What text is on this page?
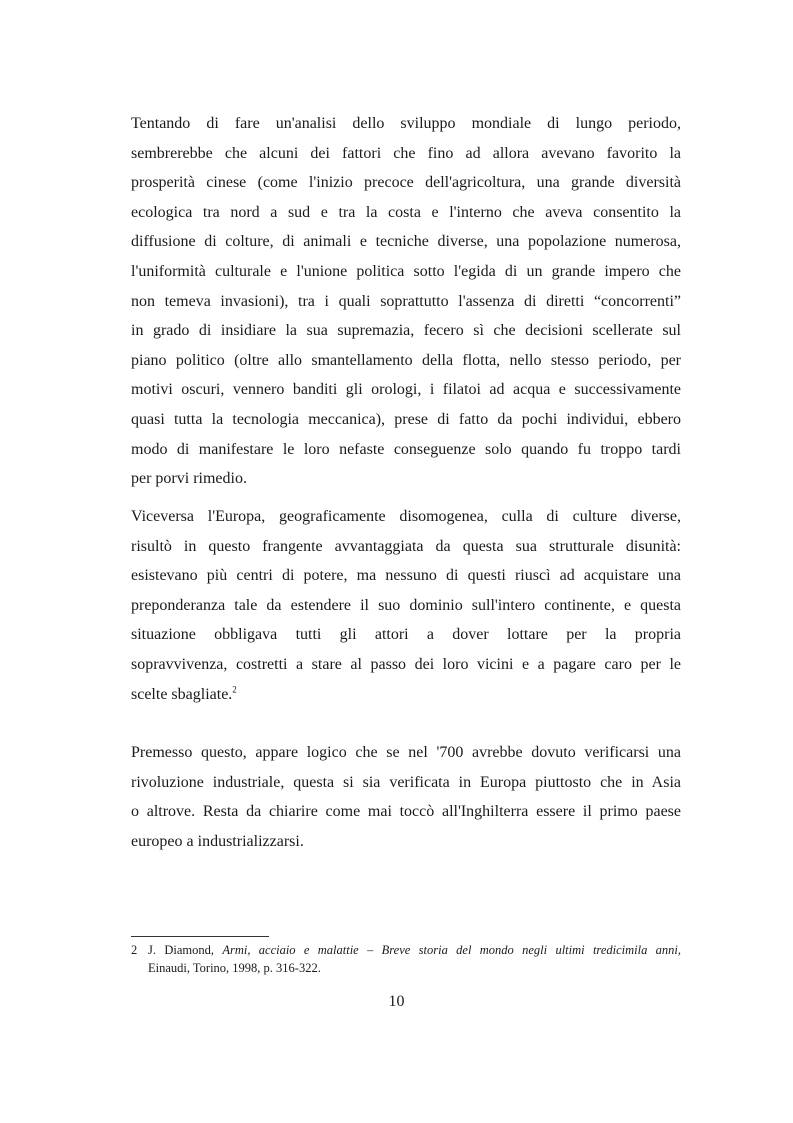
Tentando di fare un'analisi dello sviluppo mondiale di lungo periodo,
sembrerebbe che alcuni dei fattori che fino ad allora avevano favorito la
prosperità cinese (come l'inizio precoce dell'agricoltura, una grande diversità
ecologica tra nord a sud e tra la costa e l'interno che aveva consentito la
diffusione di colture, di animali e tecniche diverse, una popolazione numerosa,
l'uniformità culturale e l'unione politica sotto l'egida di un grande impero che
non temeva invasioni), tra i quali soprattutto l'assenza di diretti “concorrenti”
in grado di insidiare la sua supremazia, fecero sì che decisioni scellerate sul
piano politico (oltre allo smantellamento della flotta, nello stesso periodo, per
motivi oscuri, vennero banditi gli orologi, i filatoi ad acqua e successivamente
quasi tutta la tecnologia meccanica), prese di fatto da pochi individui, ebbero
modo di manifestare le loro nefaste conseguenze solo quando fu troppo tardi
per porvi rimedio.
Viceversa l'Europa, geograficamente disomogenea, culla di culture diverse,
risultò in questo frangente avvantaggiata da questa sua strutturale disunità:
esistevano più centri di potere, ma nessuno di questi riuscì ad acquistare una
preponderanza tale da estendere il suo dominio sull'intero continente, e questa
situazione obbligava tutti gli attori a dover lottare per la propria
sopravvivenza, costretti a stare al passo dei loro vicini e a pagare caro per le
scelte sbagliate.$^2$
Premesso questo, appare logico che se nel '700 avrebbe dovuto verificarsi una
rivoluzione industriale, questa si sia verificata in Europa piuttosto che in Asia
o altrove. Resta da chiarire come mai toccò all'Inghilterra essere il primo paese
europeo a industrializzarsi.
2 J. Diamond, Armi, acciaio e malattie – Breve storia del mondo negli ultimi tredicimila anni,
Einaudi, Torino, 1998, p. 316-322.
10
